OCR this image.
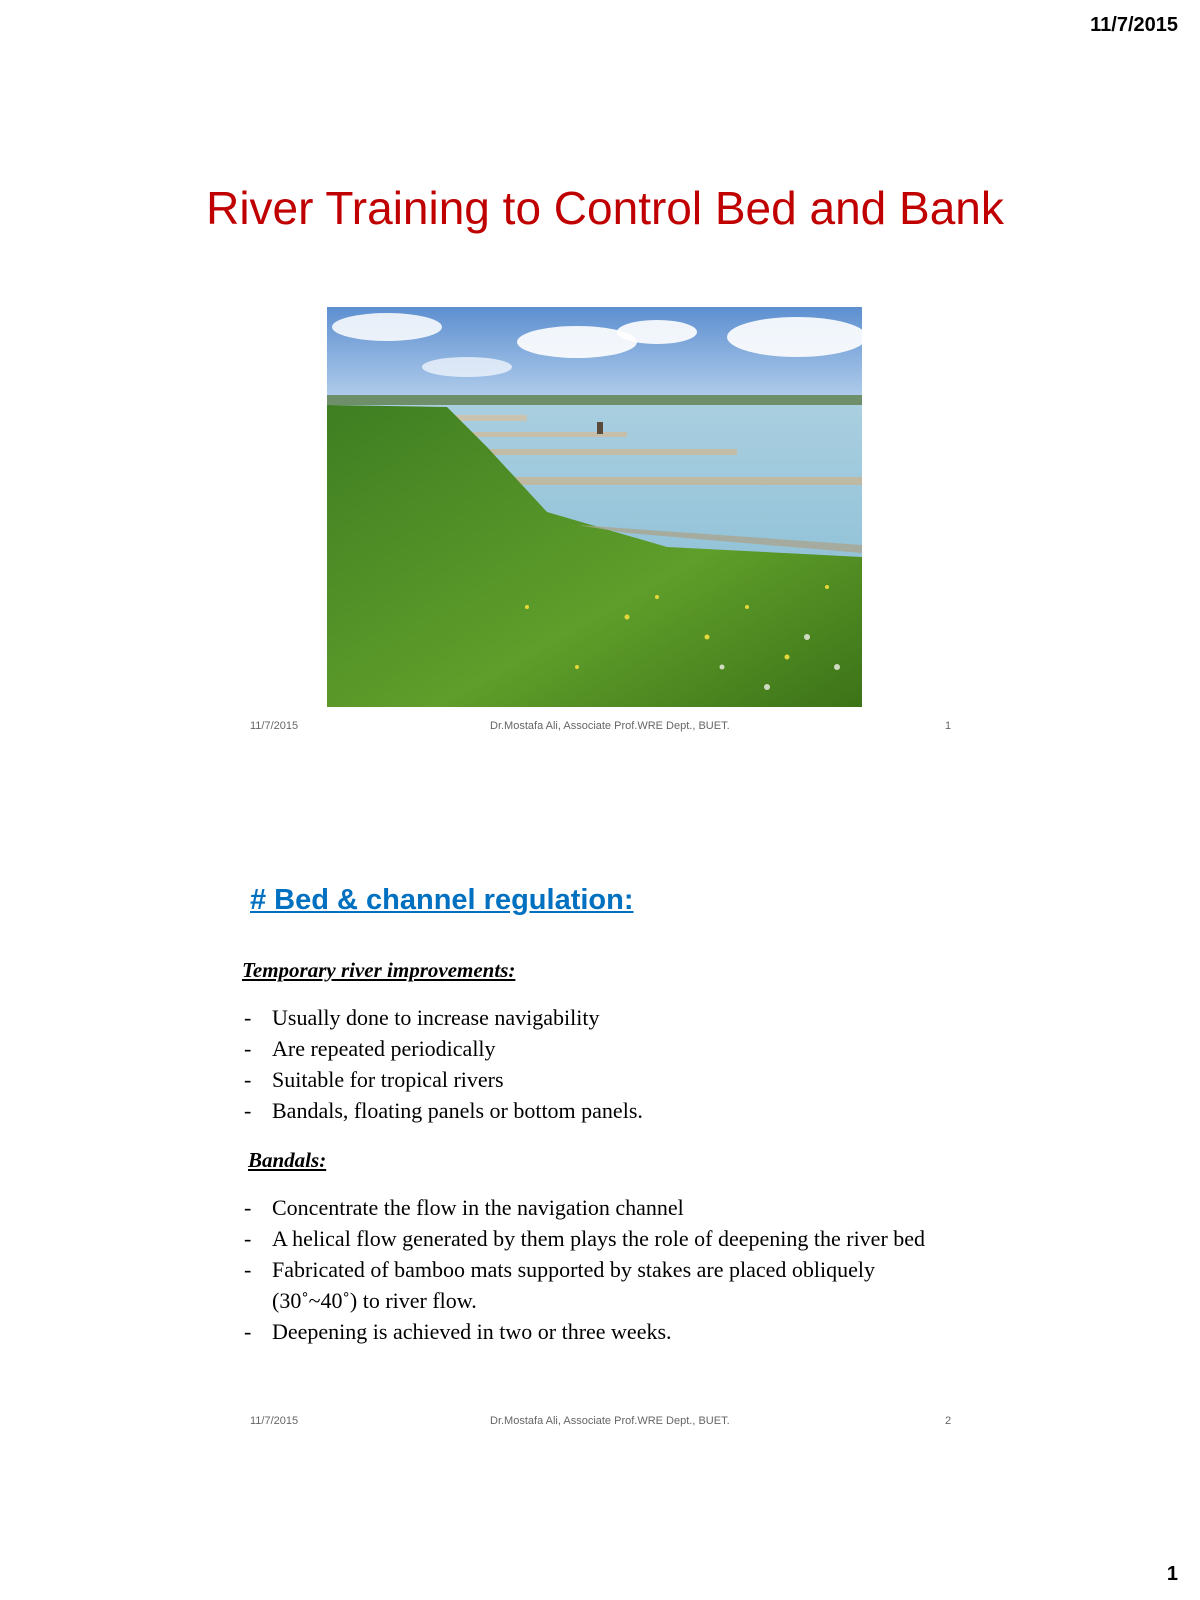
11/7/2015
River Training to Control Bed and Bank
11/7/2015	Dr.Mostafa Ali, Associate Prof.WRE Dept., BUET.	1
# Bed & channel regulation:
Temporary river improvements:
- Usually done to increase navigability
- Are repeated periodically
- Suitable for tropical rivers
- Bandals, floating panels or bottom panels.
Bandals:
- Concentrate the flow in the navigation channel
- A helical flow generated by them plays the role of deepening the river bed
- Fabricated of bamboo mats supported by stakes are placed obliquely (30˚~40˚) to river flow.
- Deepening is achieved in two or three weeks.
11/7/2015	Dr.Mostafa Ali, Associate Prof.WRE Dept., BUET.	2
1
